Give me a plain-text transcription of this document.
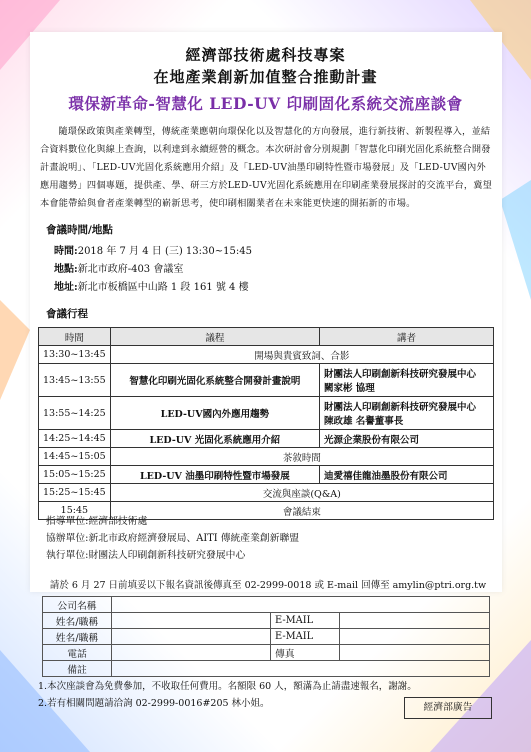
經濟部技術處科技專案
在地產業創新加值整合推動計畫
環保新革命-智慧化 LED-UV 印刷固化系統交流座談會
隨環保政策與產業轉型，傳統產業應朝向環保化以及智慧化的方向發展，進行新技術、新製程導入，並結合資料數位化與線上查詢，以利達到永續經營的概念。本次研討會分別規劃「智慧化印刷光固化系統整合開發計畫說明」、「LED-UV光固化系統應用介紹」及「LED-UV油墨印刷特性暨市場發展」及「LED-UV國內外應用趨勢」四個專題，提供產、學、研三方於LED-UV光固化系統應用在印刷產業發展探討的交流平台，冀望本會能帶給與會者產業轉型的嶄新思考，使印刷相關業者在未來能更快速的開拓新的市場。
會議時間/地點
時間:2018 年 7 月 4 日 (三) 13:30~15:45
地點:新北市政府-403 會議室
地址:新北市板橋區中山路 1 段 161 號 4 樓
會議行程
時間	議程	講者
13:30~13:45	開場與貴賓致詞、合影	
13:45~13:55	智慧化印刷光固化系統整合開發計畫說明	財團法人印刷創新科技研究發展中心
闕家彬 協理

13:55~14:25	LED-UV國內外應用趨勢	財團法人印刷創新科技研究發展中心
陳政雄 名譽董事長

14:25~14:45	LED-UV 光固化系統應用介紹	光源企業股份有限公司
14:45~15:05	茶敘時間	
15:05~15:25	LED-UV 油墨印刷特性暨市場發展	迪愛禧佳龍油墨股份有限公司
15:25~15:45	交流與座談(Q&A)	
15:45	會議結束	
指導單位:經濟部技術處
協辦單位:新北市政府經濟發展局、AITI 傳統產業創新聯盟
執行單位:財團法人印刷創新科技研究發展中心
請於 6 月 27 日前填妥以下報名資訊後傳真至 02-2999-0018 或 E-mail 回傳至 amylin@ptri.org.tw
公司名稱			
姓名/職稱		E-MAIL	
姓名/職稱		E-MAIL	
電話		傳真	
備註			
1.本次座談會為免費參加，不收取任何費用。名額限 60 人，額滿為止請盡速報名，謝謝。
2.若有相關問題請洽詢 02-2999-0016#205 林小姐。	經濟部廣告
